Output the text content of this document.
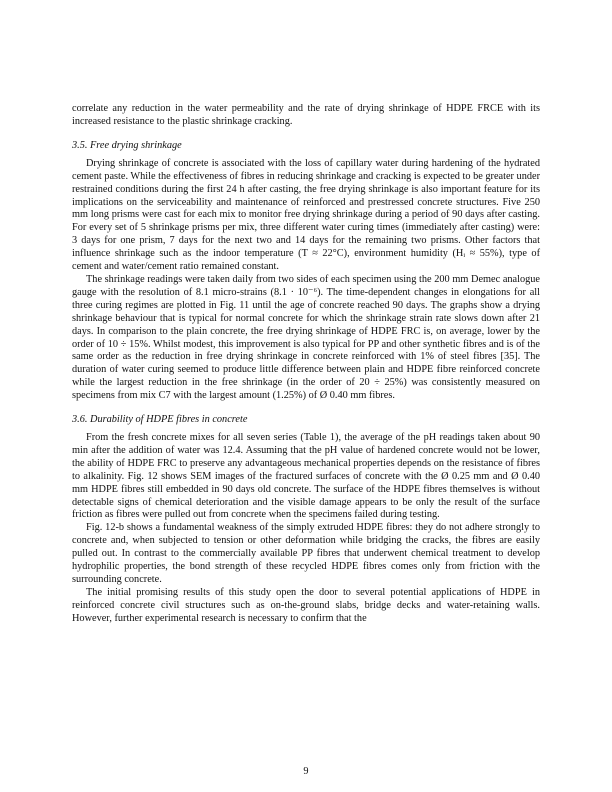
correlate any reduction in the water permeability and the rate of drying shrinkage of HDPE FRCE with its increased resistance to the plastic shrinkage cracking.

3.5. Free drying shrinkage

Drying shrinkage of concrete is associated with the loss of capillary water during hardening of the hydrated cement paste. While the effectiveness of fibres in reducing shrinkage and cracking is expected to be greater under restrained conditions during the first 24 h after casting, the free drying shrinkage is also important feature for its implications on the serviceability and maintenance of reinforced and prestressed concrete structures. Five 250 mm long prisms were cast for each mix to monitor free drying shrinkage during a period of 90 days after casting. For every set of 5 shrinkage prisms per mix, three different water curing times (immediately after casting) were: 3 days for one prism, 7 days for the next two and 14 days for the remaining two prisms. Other factors that influence shrinkage such as the indoor temperature (T ≈ 22°C), environment humidity (Hᵢ ≈ 55%), type of cement and water/cement ratio remained constant.

The shrinkage readings were taken daily from two sides of each specimen using the 200 mm Demec analogue gauge with the resolution of 8.1 micro-strains (8.1 · 10⁻⁶). The time-dependent changes in elongations for all three curing regimes are plotted in Fig. 11 until the age of concrete reached 90 days. The graphs show a drying shrinkage behaviour that is typical for normal concrete for which the shrinkage strain rate slows down after 21 days. In comparison to the plain concrete, the free drying shrinkage of HDPE FRC is, on average, lower by the order of 10 ÷ 15%. Whilst modest, this improvement is also typical for PP and other synthetic fibres and is of the same order as the reduction in free drying shrinkage in concrete reinforced with 1% of steel fibres [35]. The duration of water curing seemed to produce little difference between plain and HDPE fibre reinforced concrete while the largest reduction in the free shrinkage (in the order of 20 ÷ 25%) was consistently measured on specimens from mix C7 with the largest amount (1.25%) of Ø 0.40 mm fibres.

3.6. Durability of HDPE fibres in concrete

From the fresh concrete mixes for all seven series (Table 1), the average of the pH readings taken about 90 min after the addition of water was 12.4. Assuming that the pH value of hardened concrete would not be lower, the ability of HDPE FRC to preserve any advantageous mechanical properties depends on the resistance of fibres to alkalinity. Fig. 12 shows SEM images of the fractured surfaces of concrete with the Ø 0.25 mm and Ø 0.40 mm HDPE fibres still embedded in 90 days old concrete. The surface of the HDPE fibres themselves is without detectable signs of chemical deterioration and the visible damage appears to be only the result of the surface friction as fibres were pulled out from concrete when the specimens failed during testing.

Fig. 12-b shows a fundamental weakness of the simply extruded HDPE fibres: they do not adhere strongly to concrete and, when subjected to tension or other deformation while bridging the cracks, the fibres are easily pulled out. In contrast to the commercially available PP fibres that underwent chemical treatment to develop hydrophilic properties, the bond strength of these recycled HDPE fibres comes only from friction with the surrounding concrete.

The initial promising results of this study open the door to several potential applications of HDPE in reinforced concrete civil structures such as on-the-ground slabs, bridge decks and water-retaining walls. However, further experimental research is necessary to confirm that the

9
